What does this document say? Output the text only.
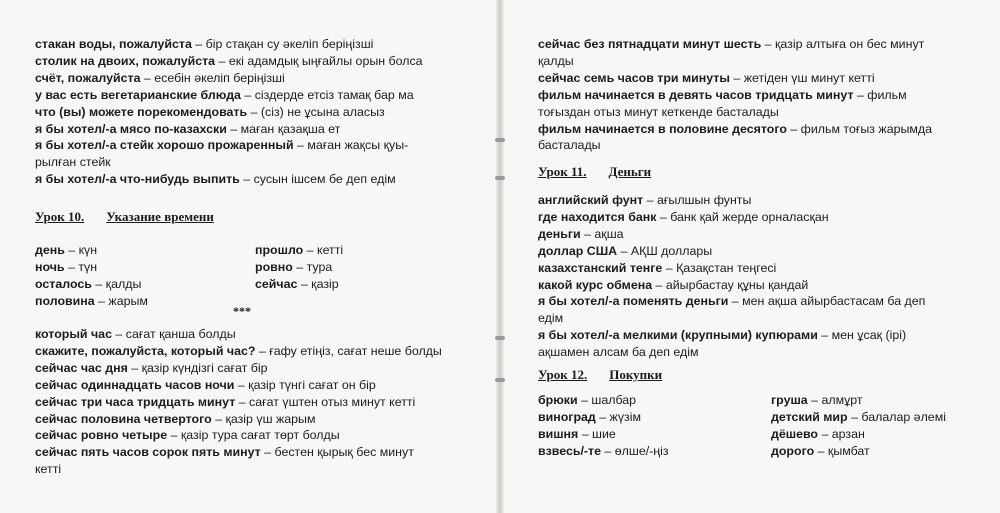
стакан воды, пожалуйста – бір стақан су әкеліп беріңізші
столик на двоих, пожалуйста – екі адамдық ыңғайлы орын болса
счёт, пожалуйста – есебін әкеліп беріңізші
у вас есть вегетарианские блюда – сіздерде етсіз тамақ бар ма
что (вы) можете порекомендовать – (сіз) не ұсына аласыз
я бы хотел/-а мясо по-казахски – маған қазақша ет
я бы хотел/-а стейк хорошо прожаренный – маған жақсы қуы-
рылған стейк
я бы хотел/-а что-нибудь выпить – сусын ішсем бе деп едім
Урок 10. Указание времени
день – күн
ночь – түн
осталось – қалды
половина – жарым
прошло – кетті
ровно – тура
сейчас – қазір
***
который час – сағат қанша болды
скажите, пожалуйста, который час? – ғафу етіңіз, сағат неше болды
сейчас час дня – қазір күндізгі сағат бір
сейчас одиннадцать часов ночи – қазір түнгі сағат он бір
сейчас три часа тридцать минут – сағат үштен отыз минут кетті
сейчас половина четвертого – қазір үш жарым
сейчас ровно четыре – қазір тура сағат төрт болды
сейчас пять часов сорок пять минут – бестен қырық бес минут
кетті
сейчас без пятнадцати минут шесть – қазір алтыға он бес минут
қалды
сейчас семь часов три минуты – жетіден үш минут кетті
фильм начинается в девять часов тридцать минут – фильм
тоғыздан отыз минут кеткенде басталады
фильм начинается в половине десятого – фильм тоғыз жарымда
басталады
Урок 11. Деньги
английский фунт – ағылшын фунты
где находится банк – банк қай жерде орналасқан
деньги – ақша
доллар США – АҚШ доллары
казахстанский тенге – Қазақстан теңгесі
какой курс обмена – айырбастау құны қандай
я бы хотел/-а поменять деньги – мен ақша айырбастасам ба деп
едім
я бы хотел/-а мелкими (крупными) купюрами – мен ұсақ (ірі)
ақшамен алсам ба деп едім
Урок 12. Покупки
брюки – шалбар
виноград – жүзім
вишня – шие
взвесь/-те – өлше/-ңіз
груша – алмұрт
детский мир – балалар әлемі
дёшево – арзан
дорого – қымбат
